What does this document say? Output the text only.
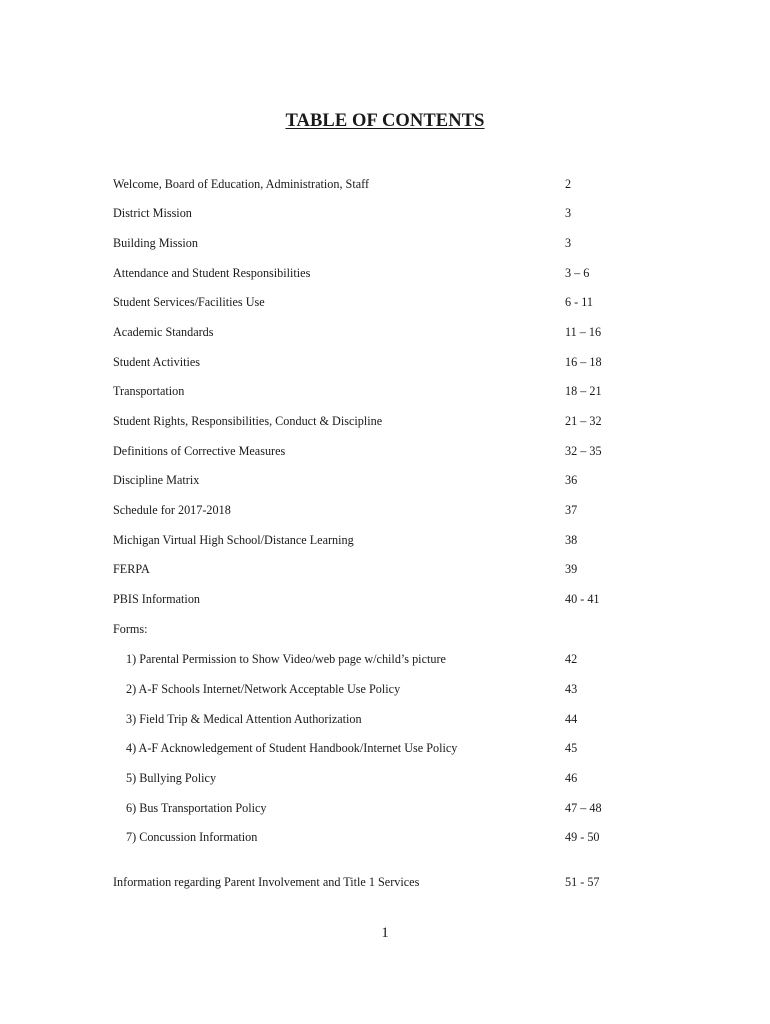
TABLE OF CONTENTS
Welcome, Board of Education, Administration, Staff	2
District Mission	3
Building Mission	3
Attendance and Student Responsibilities	3 – 6
Student Services/Facilities Use	6 - 11
Academic Standards	11 – 16
Student Activities	16 – 18
Transportation	18 – 21
Student Rights, Responsibilities, Conduct & Discipline	21 – 32
Definitions of Corrective Measures	32 – 35
Discipline Matrix	36
Schedule for 2017-2018	37
Michigan Virtual High School/Distance Learning	38
FERPA	39
PBIS Information	40 - 41
Forms:
1) Parental Permission to Show Video/web page w/child’s picture	42
2) A-F Schools Internet/Network Acceptable Use Policy	43
3) Field Trip & Medical Attention Authorization	44
4) A-F Acknowledgement of Student Handbook/Internet Use Policy	45
5) Bullying Policy	46
6) Bus Transportation Policy	47 – 48
7) Concussion Information	49 - 50
Information regarding Parent Involvement and Title 1 Services	51 - 57
1
